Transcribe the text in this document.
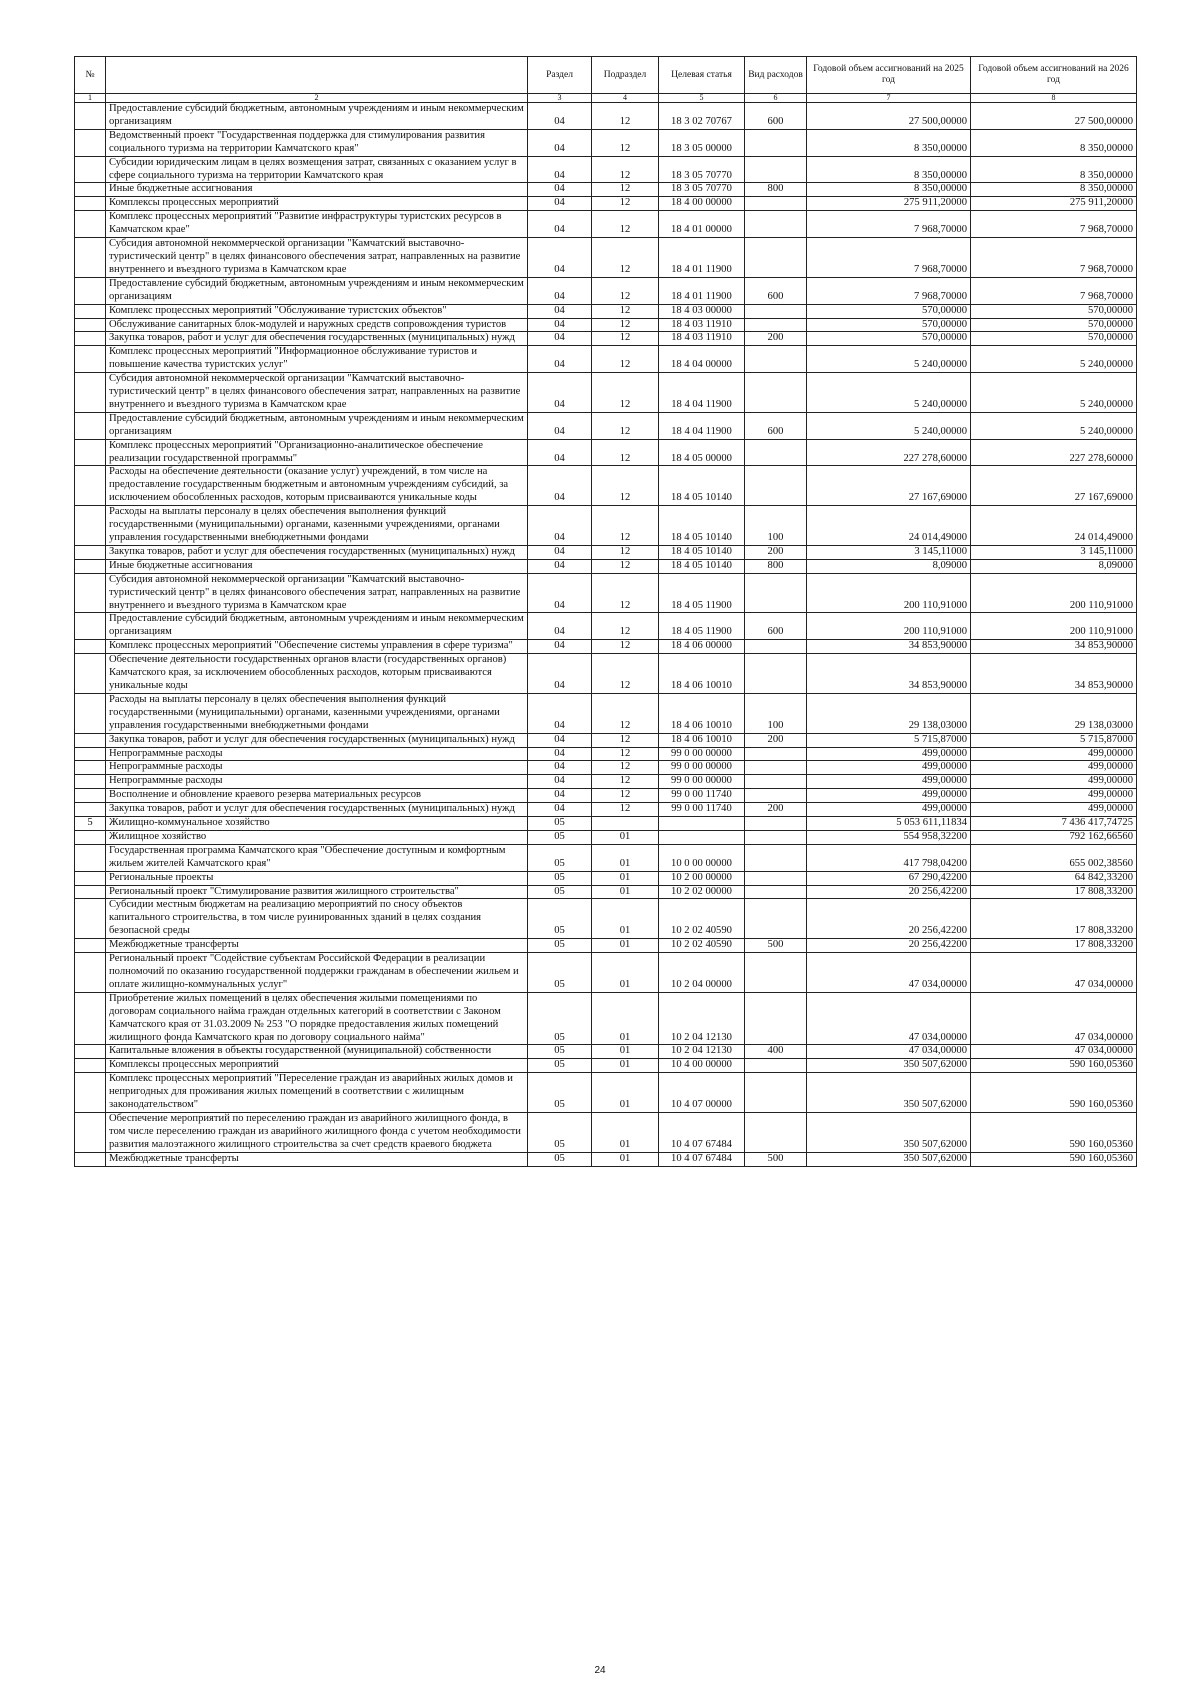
№		Раздел	Подраздел	Целевая статья	Вид расходов	Годовой объем ассигнований на 2025 год	Годовой объем ассигнований на 2026 год
1	2	3	4	5	6	7	8
	Предоставление субсидий бюджетным, автономным учреждениям и иным некоммерческим организациям	04	12	18 3 02 70767	600	27 500,00000	27 500,00000
	Ведомственный проект "Государственная поддержка для стимулирования развития социального туризма на территории Камчатского края"	04	12	18 3 05 00000		8 350,00000	8 350,00000
	Субсидии юридическим лицам в целях возмещения затрат, связанных с оказанием услуг в сфере социального туризма на территории Камчатского края	04	12	18 3 05 70770		8 350,00000	8 350,00000
	Иные бюджетные ассигнования	04	12	18 3 05 70770	800	8 350,00000	8 350,00000
	Комплексы процессных мероприятий	04	12	18 4 00 00000		275 911,20000	275 911,20000
	Комплекс процессных мероприятий "Развитие инфраструктуры туристских ресурсов в Камчатском крае"	04	12	18 4 01 00000		7 968,70000	7 968,70000
	Субсидия автономной некоммерческой организации "Камчатский выставочно-туристический центр" в целях финансового обеспечения затрат, направленных на развитие внутреннего и въездного туризма в Камчатском крае	04	12	18 4 01 11900		7 968,70000	7 968,70000
	Предоставление субсидий бюджетным, автономным учреждениям и иным некоммерческим организациям	04	12	18 4 01 11900	600	7 968,70000	7 968,70000
	Комплекс процессных мероприятий "Обслуживание туристских объектов"	04	12	18 4 03 00000		570,00000	570,00000
	Обслуживание санитарных блок-модулей и наружных средств сопровождения туристов	04	12	18 4 03 11910		570,00000	570,00000
	Закупка товаров, работ и услуг для обеспечения государственных (муниципальных) нужд	04	12	18 4 03 11910	200	570,00000	570,00000
	Комплекс процессных мероприятий "Информационное обслуживание туристов и повышение качества туристских услуг"	04	12	18 4 04 00000		5 240,00000	5 240,00000
	Субсидия автономной некоммерческой организации "Камчатский выставочно-туристический центр" в целях финансового обеспечения затрат, направленных на развитие внутреннего и въездного туризма в Камчатском крае	04	12	18 4 04 11900		5 240,00000	5 240,00000
	Предоставление субсидий бюджетным, автономным учреждениям и иным некоммерческим организациям	04	12	18 4 04 11900	600	5 240,00000	5 240,00000
	Комплекс процессных мероприятий "Организационно-аналитическое обеспечение реализации государственной программы"	04	12	18 4 05 00000		227 278,60000	227 278,60000
	Расходы на обеспечение деятельности (оказание услуг) учреждений, в том числе на предоставление государственным бюджетным и автономным учреждениям субсидий, за исключением обособленных расходов, которым присваиваются уникальные коды	04	12	18 4 05 10140		27 167,69000	27 167,69000
	Расходы на выплаты персоналу в целях обеспечения выполнения функций государственными (муниципальными) органами, казенными учреждениями, органами управления государственными внебюджетными фондами	04	12	18 4 05 10140	100	24 014,49000	24 014,49000
	Закупка товаров, работ и услуг для обеспечения государственных (муниципальных) нужд	04	12	18 4 05 10140	200	3 145,11000	3 145,11000
	Иные бюджетные ассигнования	04	12	18 4 05 10140	800	8,09000	8,09000
	Субсидия автономной некоммерческой организации "Камчатский выставочно-туристический центр" в целях финансового обеспечения затрат, направленных на развитие внутреннего и въездного туризма в Камчатском крае	04	12	18 4 05 11900		200 110,91000	200 110,91000
	Предоставление субсидий бюджетным, автономным учреждениям и иным некоммерческим организациям	04	12	18 4 05 11900	600	200 110,91000	200 110,91000
	Комплекс процессных мероприятий "Обеспечение системы управления в сфере туризма"	04	12	18 4 06 00000		34 853,90000	34 853,90000
	Обеспечение деятельности государственных органов власти (государственных органов) Камчатского края, за исключением обособленных расходов, которым присваиваются уникальные коды	04	12	18 4 06 10010		34 853,90000	34 853,90000
	Расходы на выплаты персоналу в целях обеспечения выполнения функций государственными (муниципальными) органами, казенными учреждениями, органами управления государственными внебюджетными фондами	04	12	18 4 06 10010	100	29 138,03000	29 138,03000
	Закупка товаров, работ и услуг для обеспечения государственных (муниципальных) нужд	04	12	18 4 06 10010	200	5 715,87000	5 715,87000
	Непрограммные расходы	04	12	99 0 00 00000		499,00000	499,00000
	Непрограммные расходы	04	12	99 0 00 00000		499,00000	499,00000
	Непрограммные расходы	04	12	99 0 00 00000		499,00000	499,00000
	Восполнение и обновление краевого резерва материальных ресурсов	04	12	99 0 00 11740		499,00000	499,00000
	Закупка товаров, работ и услуг для обеспечения государственных (муниципальных) нужд	04	12	99 0 00 11740	200	499,00000	499,00000
5	Жилищно-коммунальное хозяйство	05				5 053 611,11834	7 436 417,74725
	Жилищное хозяйство	05	01			554 958,32200	792 162,66560
	Государственная программа Камчатского края "Обеспечение доступным и комфортным жильем жителей Камчатского края"	05	01	10 0 00 00000		417 798,04200	655 002,38560
	Региональные проекты	05	01	10 2 00 00000		67 290,42200	64 842,33200
	Региональный проект "Стимулирование развития жилищного строительства"	05	01	10 2 02 00000		20 256,42200	17 808,33200
	Субсидии местным бюджетам на реализацию мероприятий по сносу объектов капитального строительства, в том числе руинированных зданий в целях создания безопасной среды	05	01	10 2 02 40590		20 256,42200	17 808,33200
	Межбюджетные трансферты	05	01	10 2 02 40590	500	20 256,42200	17 808,33200
	Региональный проект "Содействие субъектам Российской Федерации в реализации полномочий по оказанию государственной поддержки гражданам в обеспечении жильем и оплате жилищно-коммунальных услуг"	05	01	10 2 04 00000		47 034,00000	47 034,00000
	Приобретение жилых помещений в целях обеспечения жилыми помещениями по договорам социального найма граждан отдельных категорий в соответствии с Законом Камчатского края от 31.03.2009 № 253 "О порядке предоставления жилых помещений жилищного фонда Камчатского края по договору социального найма"	05	01	10 2 04 12130		47 034,00000	47 034,00000
	Капитальные вложения в объекты государственной (муниципальной) собственности	05	01	10 2 04 12130	400	47 034,00000	47 034,00000
	Комплексы процессных мероприятий	05	01	10 4 00 00000		350 507,62000	590 160,05360
	Комплекс процессных мероприятий "Переселение граждан из аварийных жилых домов и непригодных для проживания жилых помещений в соответствии с жилищным законодательством"	05	01	10 4 07 00000		350 507,62000	590 160,05360
	Обеспечение мероприятий по переселению граждан из аварийного жилищного фонда, в том числе переселению граждан из аварийного жилищного фонда с учетом необходимости развития малоэтажного жилищного строительства за счет средств краевого бюджета	05	01	10 4 07 67484		350 507,62000	590 160,05360
	Межбюджетные трансферты	05	01	10 4 07 67484	500	350 507,62000	590 160,05360
24
